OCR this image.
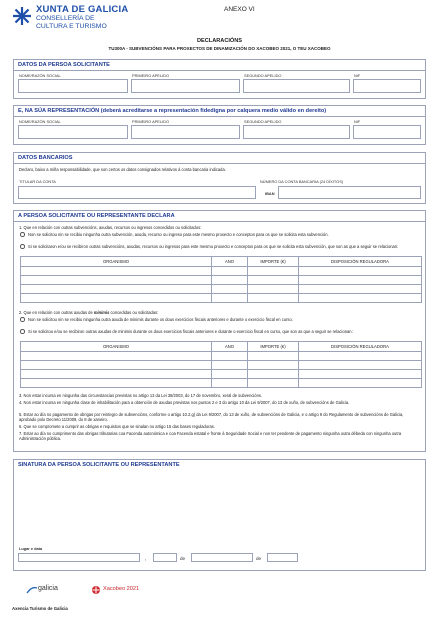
XUNTA DE GALICIA
CONSELLERÍA DE
CULTURA E TURISMO
ANEXO VI
DECLARACIÓNS
TU300A - SUBVENCIÓNS PARA PROXECTOS DE DINAMIZACIÓN DO XACOBEO 2021, O TEU XACOBEO
DATOS DA PERSOA SOLICITANTE
NOME/RAZÓN SOCIAL	PRIMEIRO APELIDO	SEGUNDO APELIDO	NIF
E, NA SÚA REPRESENTACIÓN (deberá acreditarse a representación fidedigna por calquera medio válido en dereito)
NOME/RAZÓN SOCIAL	PRIMEIRO APELIDO	SEGUNDO APELIDO	NIF
DATOS BANCARIOS
Declaro, baixo a miña responsabilidade, que son certos os datos consignados relativos á conta bancaria indicada.
TITULAR DA CONTA	NÚMERO DA CONTA BANCARIA (24 DÍXITOS)
IBAN
A PERSOA SOLICITANTE OU REPRESENTANTE DECLARA
1. Que en relación con outras subvencións, axudas, recursos ou ingresos concedidos ou solicitados:
Non se solicitou nin se recibiu ningunha outra subvención, axuda, recurso ou ingreso para este mesmo proxecto e conceptos para os que se solicita esta subvención.
Si se solicitaron e/ou se recibiron outras subvencións, axudas, recursos ou ingresos para este mesmo proxecto e conceptos para os que se solicita esta subvención, que son as que a seguir se relacionan:
ORGANISMO	ANO	IMPORTE (€)	DISPOSICIÓN REGULADORA

2. Que en relación con outras axudas de minimis concedidas ou solicitadas:
Non se solicitou nin se recibiu ningunha outra axuda de minimis durante os dous exercicios fiscais anteriores e durante o exercicio fiscal en curso.
Si se solicitou e/ou se recibiron outras axudas de minimis durante os dous exercicios fiscais anteriores e durante o exercicio fiscal en curso, que son as que a seguir se relacionan:
ORGANISMO	ANO	IMPORTE (€)	DISPOSICIÓN REGULADORA

3. Non estar incursa en ningunha das circunstancias previstas no artigo 13 da Lei 38/2003, do 17 de novembro, xeral de subvencións.
4. Non estar incursa en ningunha clase de inhabilitación para a obtención de axudas previstas nos puntos 2 e 3 do artigo 10 da Lei 9/2007, do 13 de xuño, de subvencións de Galicia.
5. Estar ao día no pagamento de obrigas por reintegro de subvencións, conforme o artigo 10.2.g) da Lei 9/2007, do 13 de xuño, de subvencións de Galicia, e o artigo 9 do Regulamento de subvencións de Galicia, aprobado polo Decreto 11/2009, do 8 de xaneiro.
6. Que se compromete a cumprir as obrigas e requisitos que se sinalan no artigo 15 das bases reguladoras.
7. Estar ao día no cumprimento das obrigas tributarias coa Facenda autonómica e coa Facenda estatal e fronte á Seguridade Social e non ter pendente de pagamento ningunha outra débeda con ningunha outra Administración pública.
SINATURA DA PERSOA SOLICITANTE OU REPRESENTANTE
Lugar e data
,	de	de
galicia	Xacobeo 2021
Axencia Turismo de Galicia
